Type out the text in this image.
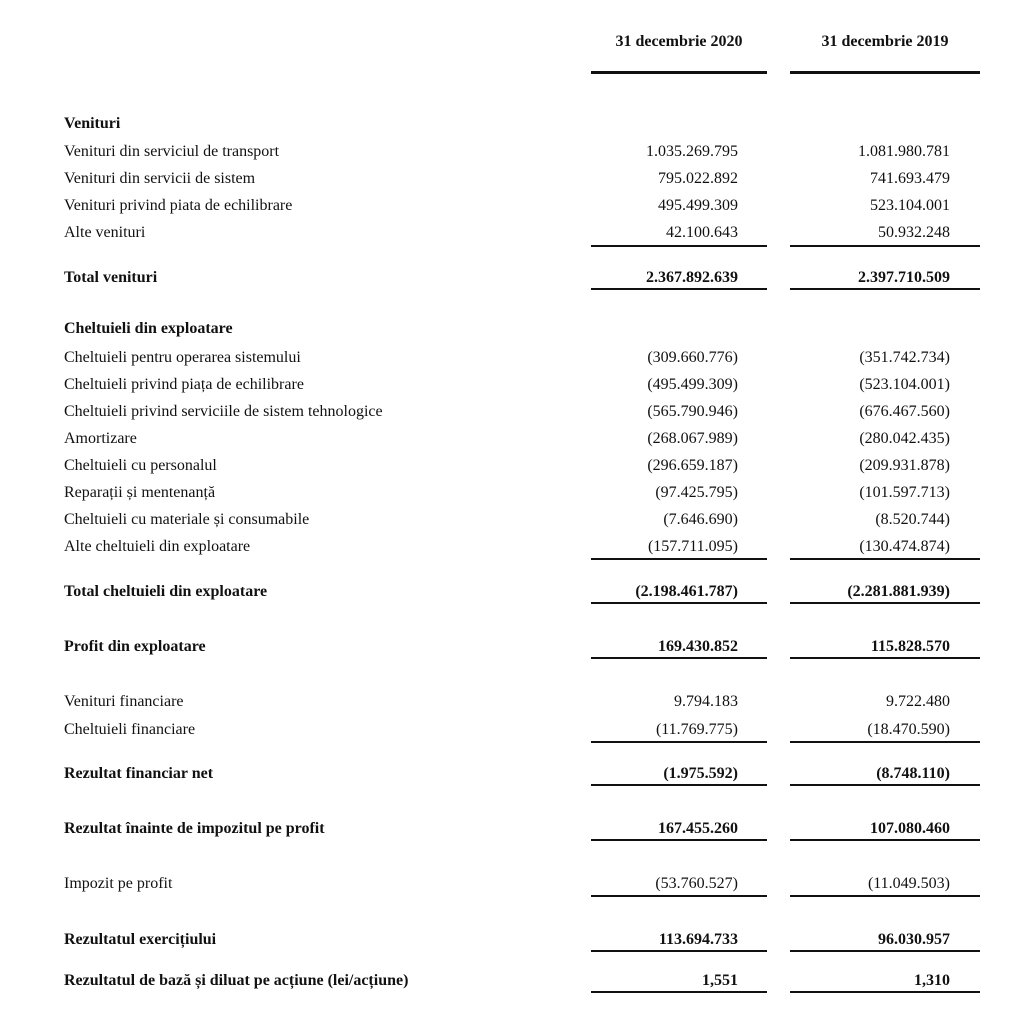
31 decembrie 2020	31 decembrie 2019
Venituri
Venituri din serviciul de transport	1.035.269.795	1.081.980.781
Venituri din servicii de sistem	795.022.892	741.693.479
Venituri privind piata de echilibrare	495.499.309	523.104.001
Alte venituri	42.100.643	50.932.248
Total venituri	2.367.892.639	2.397.710.509
Cheltuieli din exploatare
Cheltuieli pentru operarea sistemului	(309.660.776)	(351.742.734)
Cheltuieli privind piața de echilibrare	(495.499.309)	(523.104.001)
Cheltuieli privind serviciile de sistem tehnologice	(565.790.946)	(676.467.560)
Amortizare	(268.067.989)	(280.042.435)
Cheltuieli cu personalul	(296.659.187)	(209.931.878)
Reparații și mentenanță	(97.425.795)	(101.597.713)
Cheltuieli cu materiale și consumabile	(7.646.690)	(8.520.744)
Alte cheltuieli din exploatare	(157.711.095)	(130.474.874)
Total cheltuieli din exploatare	(2.198.461.787)	(2.281.881.939)
Profit din exploatare	169.430.852	115.828.570
Venituri financiare	9.794.183	9.722.480
Cheltuieli financiare	(11.769.775)	(18.470.590)
Rezultat financiar net	(1.975.592)	(8.748.110)
Rezultat înainte de impozitul pe profit	167.455.260	107.080.460
Impozit pe profit	(53.760.527)	(11.049.503)
Rezultatul exercițiului	113.694.733	96.030.957
Rezultatul de bază și diluat pe acțiune (lei/acțiune)	1,551	1,310
